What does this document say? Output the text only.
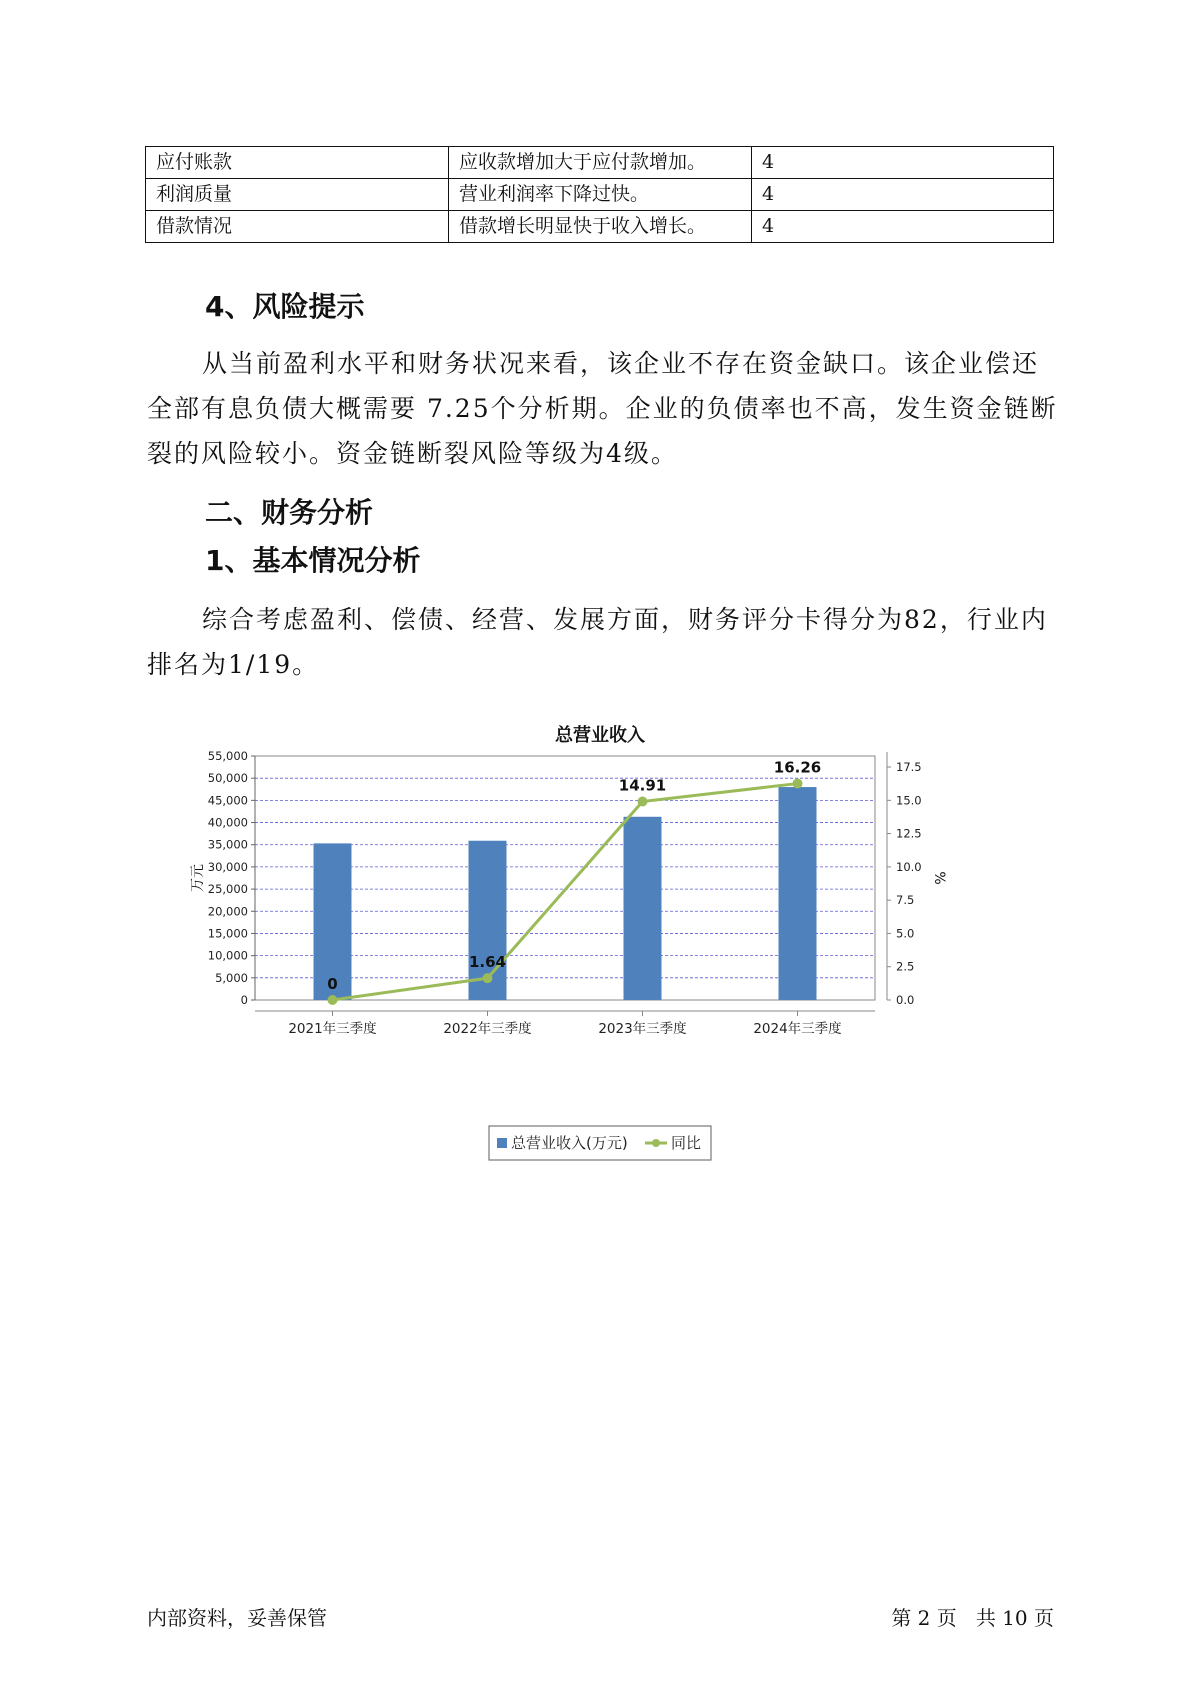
应付账款	应收款增加大于应付款增加。	4
利润质量	营业利润率下降过快。	4
借款情况	借款增长明显快于收入增长。	4
4、风险提示

从当前盈利水平和财务状况来看，该企业不存在资金缺口。该企业偿还全部有息负债大概需要 7.25个分析期。企业的负债率也不高，发生资金链断裂的风险较小。资金链断裂风险等级为4级。

二、财务分析
1、基本情况分析

综合考虑盈利、偿债、经营、发展方面，财务评分卡得分为82，行业内排名为1/19。

总营业收入
0
1.64
14.91
16.26
0
5,000
10,000
15,000
20,000
25,000
30,000
35,000
40,000
45,000
50,000
55,000
0.0
2.5
5.0
7.5
10.0
12.5
15.0
17.5
2021年三季度	2022年三季度	2023年三季度	2024年三季度
万元	%
总营业收入(万元)	同比
内部资料，妥善保管	第 2 页   共 10 页
